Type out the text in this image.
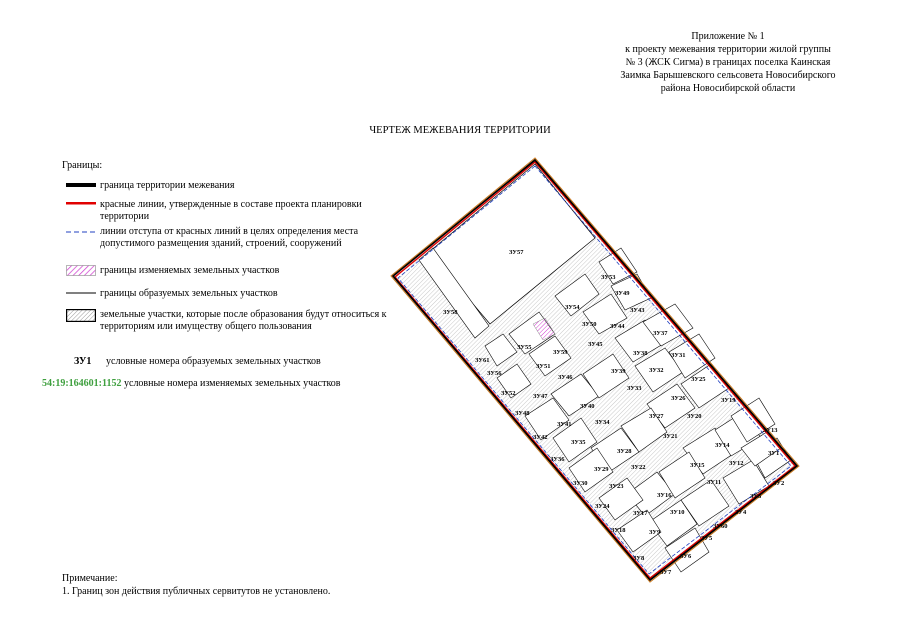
Приложение № 1
к проекту межевания территории жилой группы
№ 3 (ЖСК Сигма) в границах поселка Каинская
Заимка Барышевского сельсовета Новосибирского
района Новосибирской области
ЧЕРТЕЖ МЕЖЕВАНИЯ ТЕРРИТОРИИ
Границы:
граница территории межевания
красные линии, утвержденные в составе проекта планировки территории
линии отступа от красных линий в целях определения места допустимого размещения зданий, строений, сооружений
границы изменяемых земельных участков
границы образуемых земельных участков
земельные участки, которые после образования будут относиться к территориям или имуществу общего пользования
ЗУ1 условные номера образуемых земельных участков
54:19:164601:1152 условные номера изменяемых земельных участков
ЗУ1
ЗУ2
ЗУ3
ЗУ4
ЗУ5
ЗУ6
ЗУ7
ЗУ8
ЗУ9
ЗУ10
ЗУ11
ЗУ12
ЗУ13
ЗУ14
ЗУ15
ЗУ16
ЗУ17
ЗУ18
ЗУ19
ЗУ20
ЗУ21
ЗУ22
ЗУ23
ЗУ24
ЗУ25
ЗУ26
ЗУ27
ЗУ28
ЗУ29
ЗУ30
ЗУ31
ЗУ32
ЗУ33
ЗУ34
ЗУ35
ЗУ36
ЗУ37
ЗУ38
ЗУ39
ЗУ40
ЗУ41
ЗУ42
ЗУ43
ЗУ44
ЗУ45
ЗУ46
ЗУ47
ЗУ48
ЗУ49
ЗУ50
ЗУ51
ЗУ52
ЗУ53
ЗУ54
ЗУ55
ЗУ56
ЗУ57
ЗУ58
ЗУ59
ЗУ60
ЗУ61
Примечание:
1. Границ зон действия публичных сервитутов не установлено.
